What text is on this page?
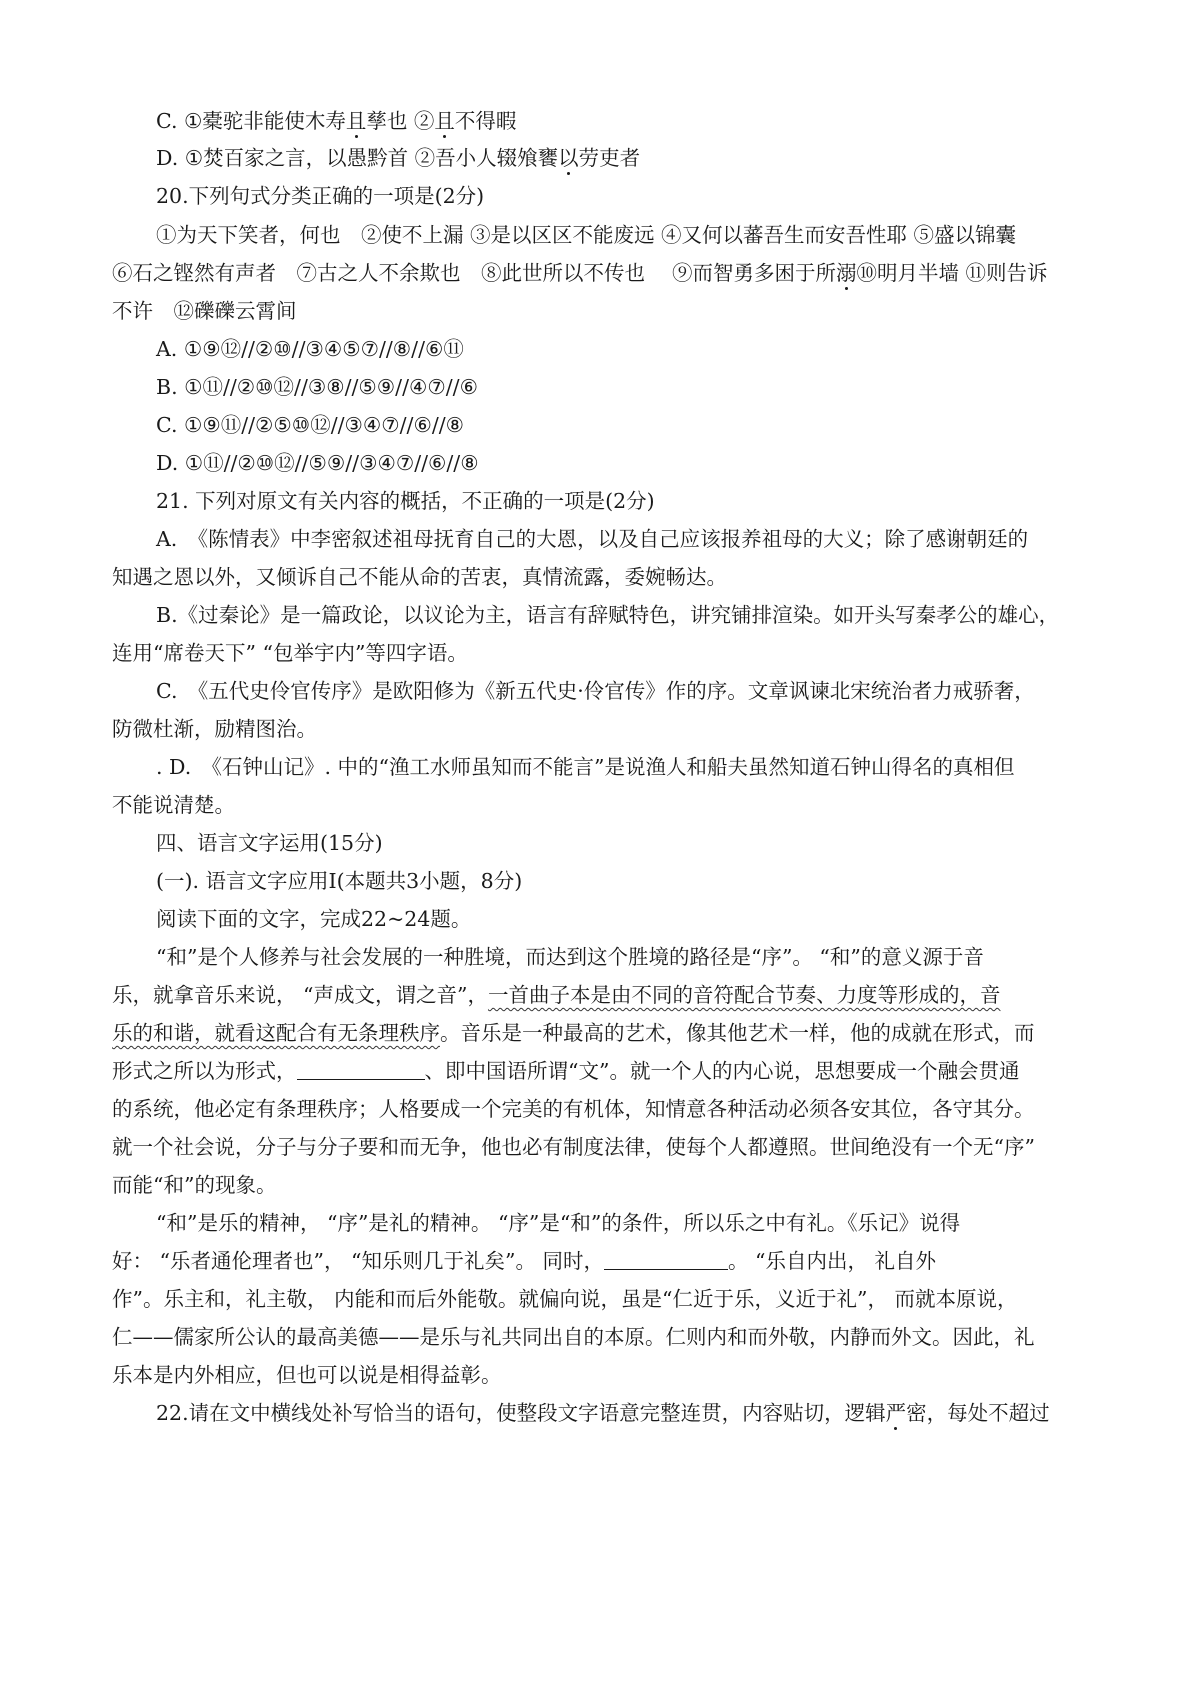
C. ①橐驼非能使木寿且孳也 ②且不得暇
D. ①焚百家之言，以愚黔首 ②吾小人辍飧饔以劳吏者
20.下列句式分类正确的一项是(2分)
①为天下笑者，何也　②使不上漏 ③是以区区不能废远 ④又何以蕃吾生而安吾性耶 ⑤盛以锦囊
⑥石之铿然有声者　⑦古之人不余欺也　⑧此世所以不传也　 ⑨而智勇多困于所溺⑩明月半墙 ⑪则告诉
不许　⑫礫礫云霄间
A. ①⑨⑫//②⑩//③④⑤⑦//⑧//⑥⑪
B. ①⑪//②⑩⑫//③⑧//⑤⑨//④⑦//⑥
C. ①⑨⑪//②⑤⑩⑫//③④⑦//⑥//⑧
D. ①⑪//②⑩⑫//⑤⑨//③④⑦//⑥//⑧
21. 下列对原文有关内容的概括，不正确的一项是(2分)
A.　《陈情表》中李密叙述祖母抚育自己的大恩，以及自己应该报养祖母的大义；除了感谢朝廷的
知遇之恩以外，又倾诉自己不能从命的苦衷，真情流露，委婉畅达。
B.《过秦论》是一篇政论，以议论为主，语言有辞赋特色，讲究铺排渲染。如开头写秦孝公的雄心，
连用“席卷天下” “包举宇内”等四字语。
C.　《五代史伶官传序》是欧阳修为《新五代史·伶官传》作的序。文章讽谏北宋统治者力戒骄奢，
防微杜渐，励精图治。
. D.　《石钟山记》. 中的“渔工水师虽知而不能言”是说渔人和船夫虽然知道石钟山得名的真相但
不能说清楚。
四、语言文字运用(15分)
(一). 语言文字应用Ⅰ(本题共3小题，8分)
阅读下面的文字，完成22~24题。
“和”是个人修养与社会发展的一种胜境，而达到这个胜境的路径是“序”。 “和”的意义源于音
乐，就拿音乐来说， “声成文，谓之音”，一首曲子本是由不同的音符配合节奏、力度等形成的，音
乐的和谐，就看这配合有无条理秩序。音乐是一种最高的艺术，像其他艺术一样，他的成就在形式，而
形式之所以为形式，	、即中国语所谓“文”。就一个人的内心说，思想要成一个融会贯通
的系统，他必定有条理秩序；人格要成一个完美的有机体，知情意各种活动必须各安其位，各守其分。
就一个社会说，分子与分子要和而无争，他也必有制度法律，使每个人都遵照。世间绝没有一个无“序”
而能“和”的现象。
“和”是乐的精神， “序”是礼的精神。 “序”是“和”的条件，所以乐之中有礼。《乐记》说得
好： “乐者通伦理者也”， “知乐则几于礼矣”。 同时，	。 “乐自内出， 礼自外
作”。乐主和，礼主敬， 内能和而后外能敬。就偏向说，虽是“仁近于乐，义近于礼”， 而就本原说，
仁——儒家所公认的最高美德——是乐与礼共同出自的本原。仁则内和而外敬，内静而外文。因此，礼
乐本是内外相应，但也可以说是相得益彰。
22.请在文中横线处补写恰当的语句，使整段文字语意完整连贯，内容贴切，逻辑严密，每处不超过
